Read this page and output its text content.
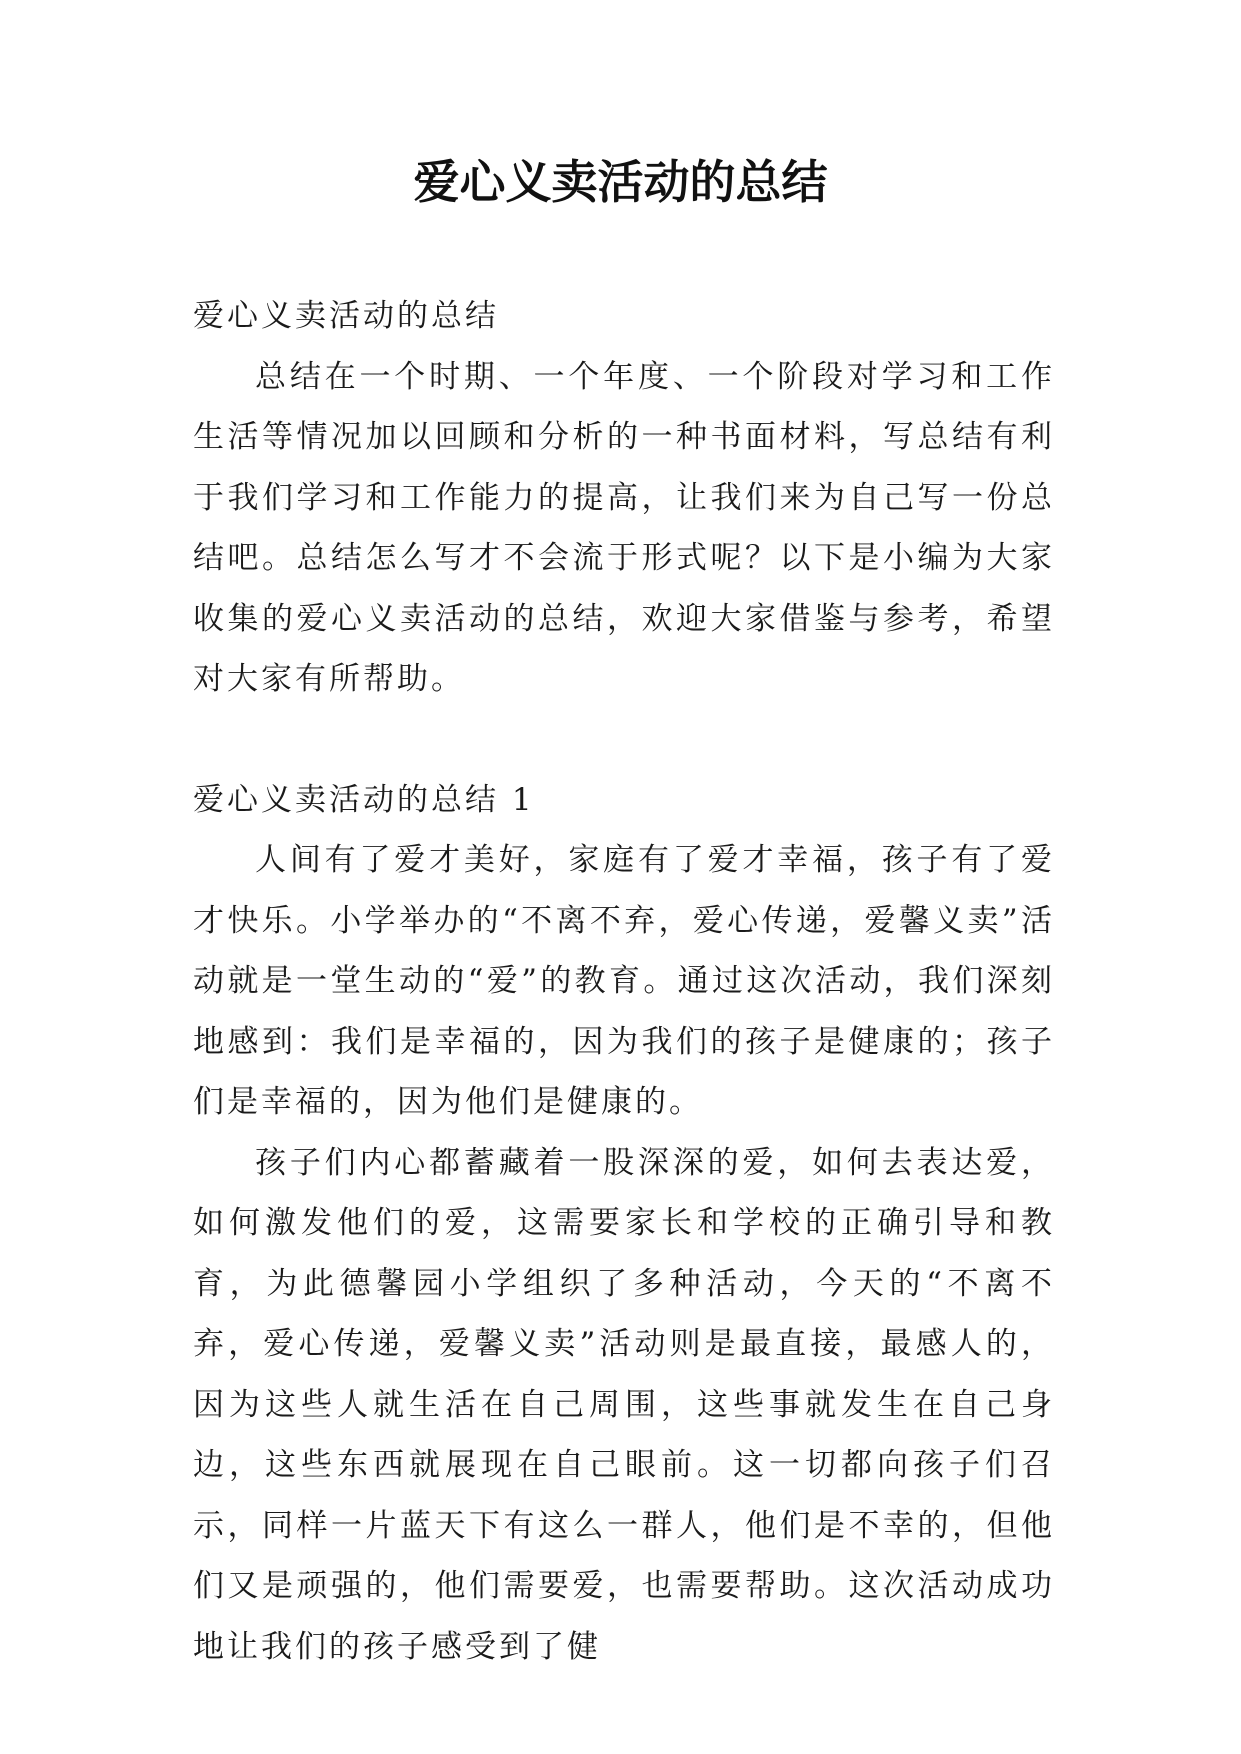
爱心义卖活动的总结

爱心义卖活动的总结

总结在一个时期、一个年度、一个阶段对学习和工作生活等情况加以回顾和分析的一种书面材料，写总结有利于我们学习和工作能力的提高，让我们来为自己写一份总结吧。总结怎么写才不会流于形式呢？以下是小编为大家收集的爱心义卖活动的总结，欢迎大家借鉴与参考，希望对大家有所帮助。

爱心义卖活动的总结 1

人间有了爱才美好，家庭有了爱才幸福，孩子有了爱才快乐。小学举办的“不离不弃，爱心传递，爱馨义卖”活动就是一堂生动的“爱”的教育。通过这次活动，我们深刻地感到：我们是幸福的，因为我们的孩子是健康的；孩子们是幸福的，因为他们是健康的。

孩子们内心都蓄藏着一股深深的爱，如何去表达爱，如何激发他们的爱，这需要家长和学校的正确引导和教育，为此德馨园小学组织了多种活动，今天的“不离不弃，爱心传递，爱馨义卖”活动则是最直接，最感人的，因为这些人就生活在自己周围，这些事就发生在自己身边，这些东西就展现在自己眼前。这一切都向孩子们召示，同样一片蓝天下有这么一群人，他们是不幸的，但他们又是顽强的，他们需要爱，也需要帮助。这次活动成功地让我们的孩子感受到了健
